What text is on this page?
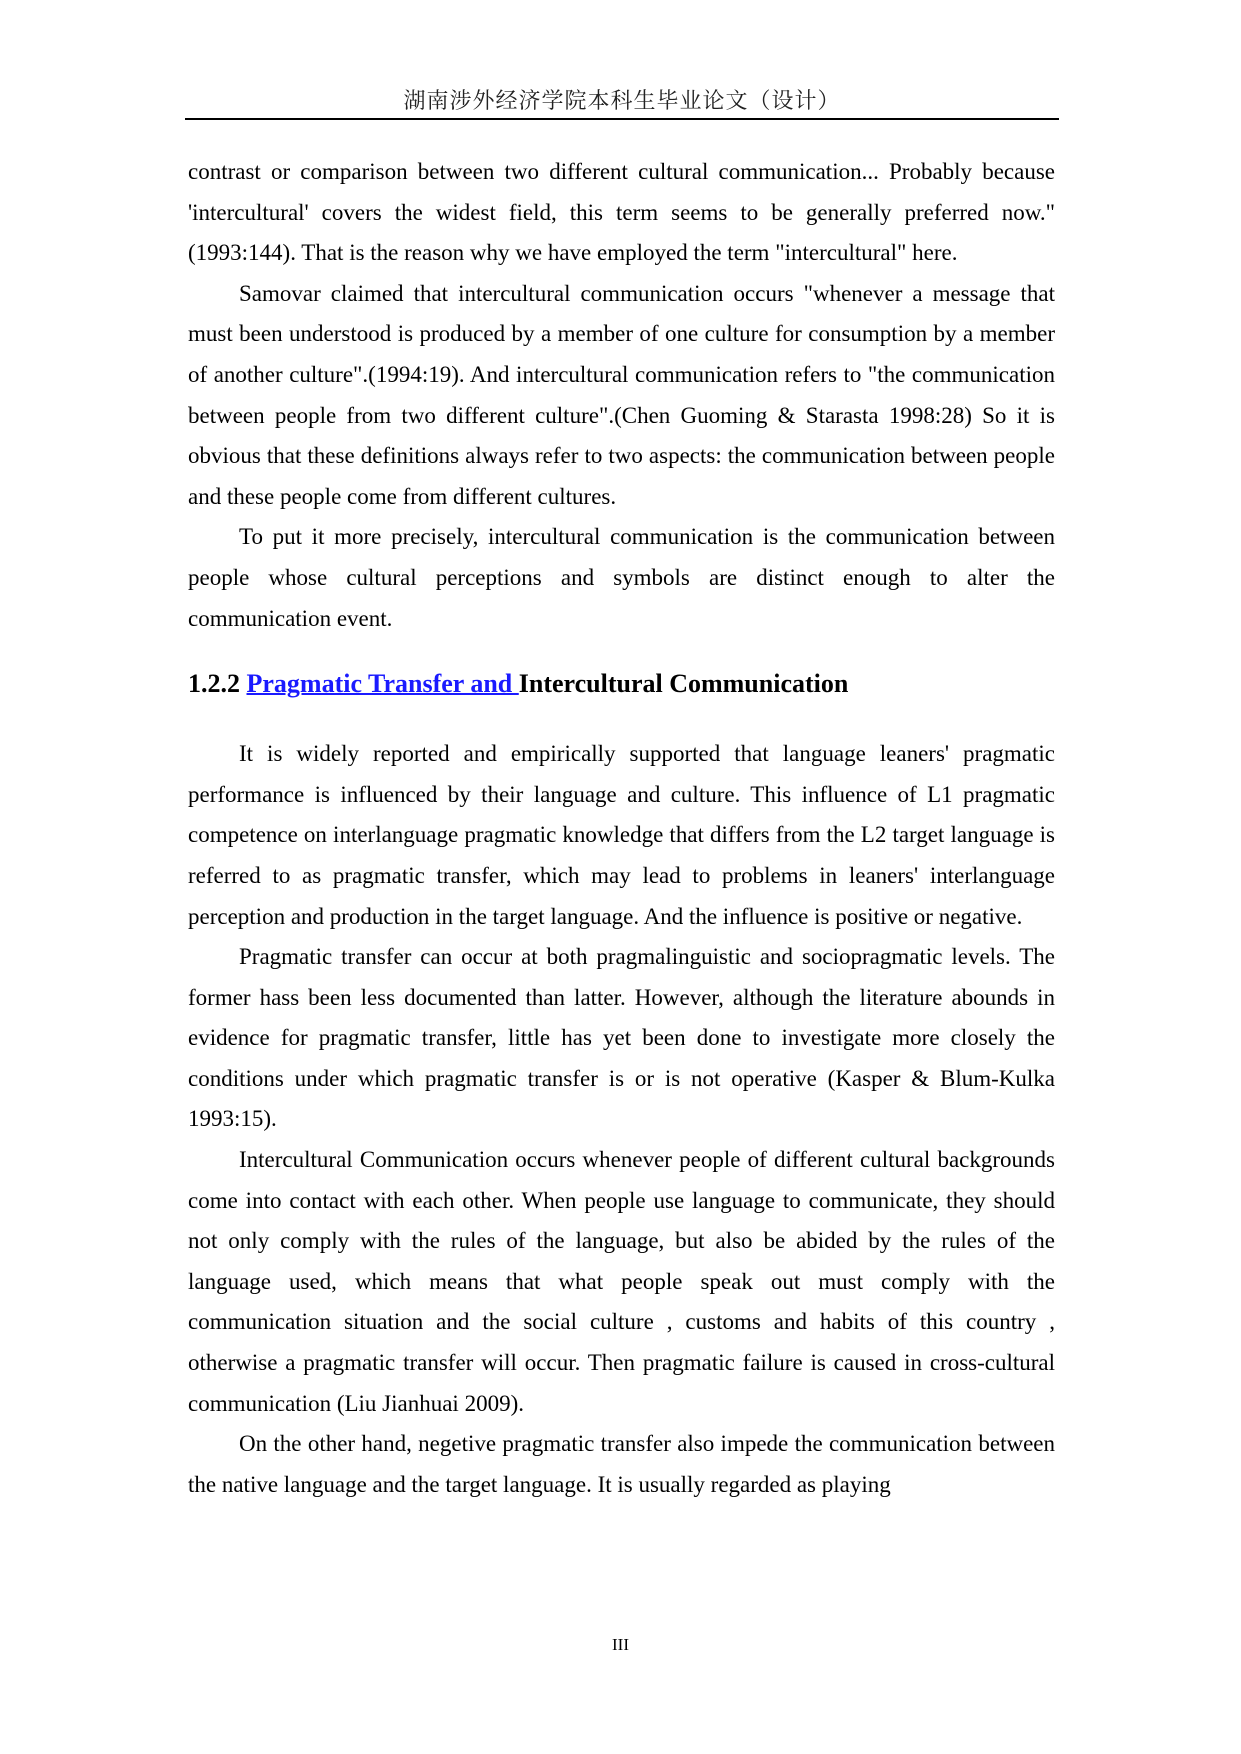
湖南涉外经济学院本科生毕业论文（设计）

contrast or comparison between two different cultural communication... Probably because 'intercultural' covers the widest field, this term seems to be generally preferred now." (1993:144). That is the reason why we have employed the term "intercultural" here.

Samovar claimed that intercultural communication occurs "whenever a message that must been understood is produced by a member of one culture for consumption by a member of another culture".(1994:19). And intercultural communication refers to "the communication between people from two different culture".(Chen Guoming & Starasta 1998:28) So it is obvious that these definitions always refer to two aspects: the communication between people and these people come from different cultures.

To put it more precisely, intercultural communication is the communication between people whose cultural perceptions and symbols are distinct enough to alter the communication event.

1.2.2 Pragmatic Transfer and Intercultural Communication

It is widely reported and empirically supported that language leaners' pragmatic performance is influenced by their language and culture. This influence of L1 pragmatic competence on interlanguage pragmatic knowledge that differs from the L2 target language is referred to as pragmatic transfer, which may lead to problems in leaners' interlanguage perception and production in the target language. And the influence is positive or negative.

Pragmatic transfer can occur at both pragmalinguistic and sociopragmatic levels. The former hass been less documented than latter. However, although the literature abounds in evidence for pragmatic transfer, little has yet been done to investigate more closely the conditions under which pragmatic transfer is or is not operative (Kasper & Blum-Kulka 1993:15).

Intercultural Communication occurs whenever people of different cultural backgrounds come into contact with each other. When people use language to communicate, they should not only comply with the rules of the language, but also be abided by the rules of the language used, which means that what people speak out must comply with the communication situation and the social culture , customs and habits of this country , otherwise a pragmatic transfer will occur. Then pragmatic failure is caused in cross-cultural communication (Liu Jianhuai 2009).

On the other hand, negetive pragmatic transfer also impede the communication between the native language and the target language. It is usually regarded as playing

III
